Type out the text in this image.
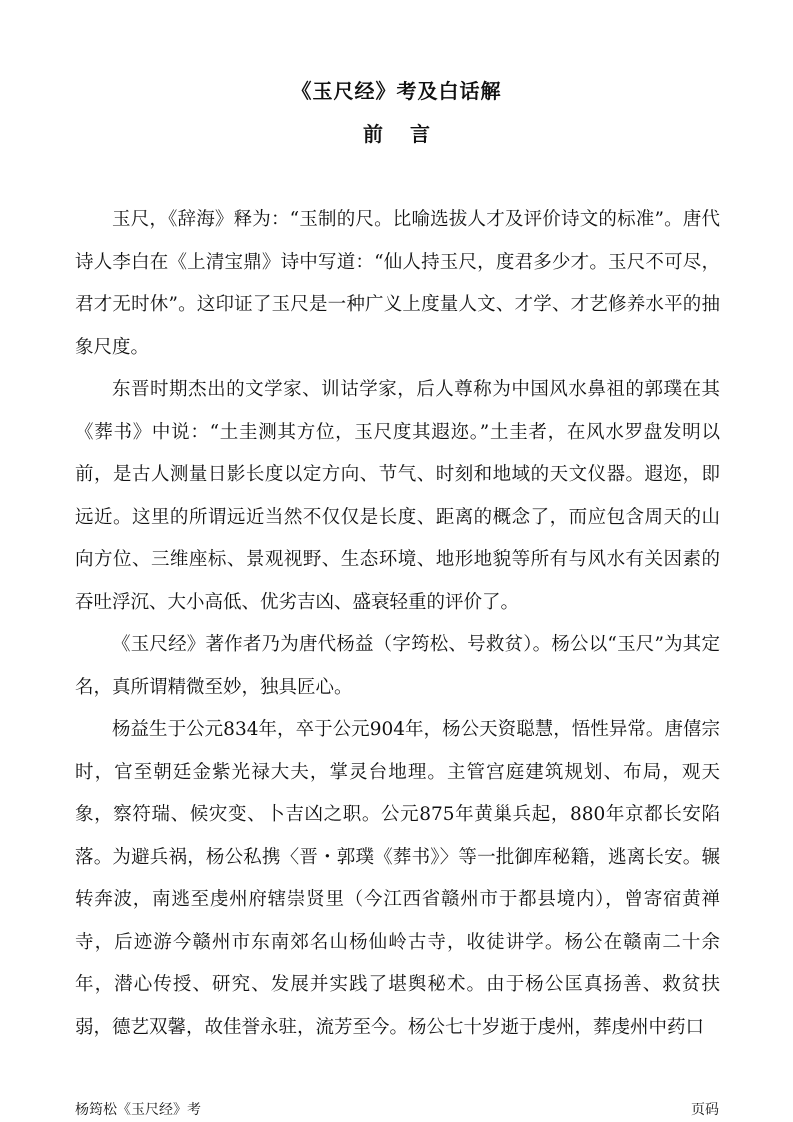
《玉尺经》考及白话解
前 言

玉尺，《辞海》释为：“玉制的尺。比喻选拔人才及评价诗文的标准”。唐代诗人李白在《上清宝鼎》诗中写道：“仙人持玉尺，度君多少才。玉尺不可尽，君才无时休”。这印证了玉尺是一种广义上度量人文、才学、才艺修养水平的抽象尺度。

东晋时期杰出的文学家、训诂学家，后人尊称为中国风水鼻祖的郭璞在其《葬书》中说：“土圭测其方位，玉尺度其遐迩。”土圭者，在风水罗盘发明以前，是古人测量日影长度以定方向、节气、时刻和地域的天文仪器。遐迩，即远近。这里的所谓远近当然不仅仅是长度、距离的概念了，而应包含周天的山向方位、三维座标、景观视野、生态环境、地形地貌等所有与风水有关因素的吞吐浮沉、大小高低、优劣吉凶、盛衰轻重的评价了。

《玉尺经》著作者乃为唐代杨益（字筠松、号救贫）。杨公以“玉尺”为其定名，真所谓精微至妙，独具匠心。

杨益生于公元834年，卒于公元904年，杨公天资聪慧，悟性异常。唐僖宗时，官至朝廷金紫光禄大夫，掌灵台地理。主管宫庭建筑规划、布局，观天象，察符瑞、候灾变、卜吉凶之职。公元875年黄巢兵起，880年京都长安陷落。为避兵祸，杨公私携〈晋・郭璞《葬书》〉等一批御库秘籍，逃离长安。辗转奔波，南逃至虔州府辖崇贤里（今江西省赣州市于都县境内），曾寄宿黄禅寺，后迹游今赣州市东南郊名山杨仙岭古寺，收徒讲学。杨公在赣南二十余年，潜心传授、研究、发展并实践了堪舆秘术。由于杨公匡真扬善、救贫扶弱，德艺双馨，故佳誉永驻，流芳至今。杨公七十岁逝于虔州，葬虔州中药口

杨筠松《玉尺经》考	页码
